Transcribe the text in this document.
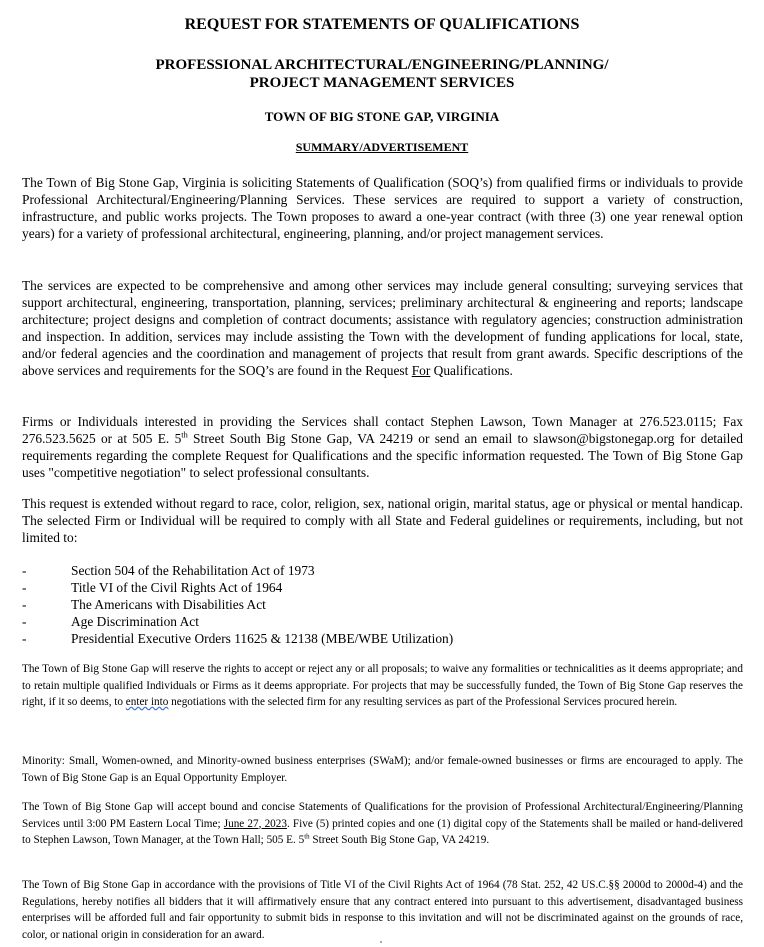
REQUEST FOR STATEMENTS OF QUALIFICATIONS
PROFESSIONAL ARCHITECTURAL/ENGINEERING/PLANNING/
PROJECT MANAGEMENT SERVICES
TOWN OF BIG STONE GAP, VIRGINIA
SUMMARY/ADVERTISEMENT
The Town of Big Stone Gap, Virginia is soliciting Statements of Qualification (SOQ’s) from qualified firms or individuals to provide Professional Architectural/Engineering/Planning Services. These services are required to support a variety of construction, infrastructure, and public works projects. The Town proposes to award a one-year contract (with three (3) one year renewal option years) for a variety of professional architectural, engineering, planning, and/or project management services.
The services are expected to be comprehensive and among other services may include general consulting; surveying services that support architectural, engineering, transportation, planning, services; preliminary architectural & engineering and reports; landscape architecture; project designs and completion of contract documents; assistance with regulatory agencies; construction administration and inspection. In addition, services may include assisting the Town with the development of funding applications for local, state, and/or federal agencies and the coordination and management of projects that result from grant awards. Specific descriptions of the above services and requirements for the SOQ’s are found in the Request For Qualifications.
Firms or Individuals interested in providing the Services shall contact Stephen Lawson, Town Manager at 276.523.0115; Fax 276.523.5625 or at 505 E. 5th Street South Big Stone Gap, VA 24219 or send an email to slawson@bigstonegap.org for detailed requirements regarding the complete Request for Qualifications and the specific information requested. The Town of Big Stone Gap uses "competitive negotiation" to select professional consultants.
This request is extended without regard to race, color, religion, sex, national origin, marital status, age or physical or mental handicap. The selected Firm or Individual will be required to comply with all State and Federal guidelines or requirements, including, but not limited to:
-	Section 504 of the Rehabilitation Act of 1973
-	Title VI of the Civil Rights Act of 1964
-	The Americans with Disabilities Act
-	Age Discrimination Act
-	Presidential Executive Orders 11625 & 12138 (MBE/WBE Utilization)
The Town of Big Stone Gap will reserve the rights to accept or reject any or all proposals; to waive any formalities or technicalities as it deems appropriate; and to retain multiple qualified Individuals or Firms as it deems appropriate. For projects that may be successfully funded, the Town of Big Stone Gap reserves the right, if it so deems, to enter into negotiations with the selected firm for any resulting services as part of the Professional Services procured herein.
Minority: Small, Women-owned, and Minority-owned business enterprises (SWaM); and/or female-owned businesses or firms are encouraged to apply. The Town of Big Stone Gap is an Equal Opportunity Employer.
The Town of Big Stone Gap will accept bound and concise Statements of Qualifications for the provision of Professional Architectural/Engineering/Planning Services until 3:00 PM Eastern Local Time; June 27, 2023. Five (5) printed copies and one (1) digital copy of the Statements shall be mailed or hand-delivered to Stephen Lawson, Town Manager, at the Town Hall; 505 E. 5th Street South Big Stone Gap, VA 24219.
The Town of Big Stone Gap in accordance with the provisions of Title VI of the Civil Rights Act of 1964 (78 Stat. 252, 42 US.C.§§ 2000d to 2000d-4) and the Regulations, hereby notifies all bidders that it will affirmatively ensure that any contract entered into pursuant to this advertisement, disadvantaged business enterprises will be afforded full and fair opportunity to submit bids in response to this invitation and will not be discriminated against on the grounds of race, color, or national origin in consideration for an award.
